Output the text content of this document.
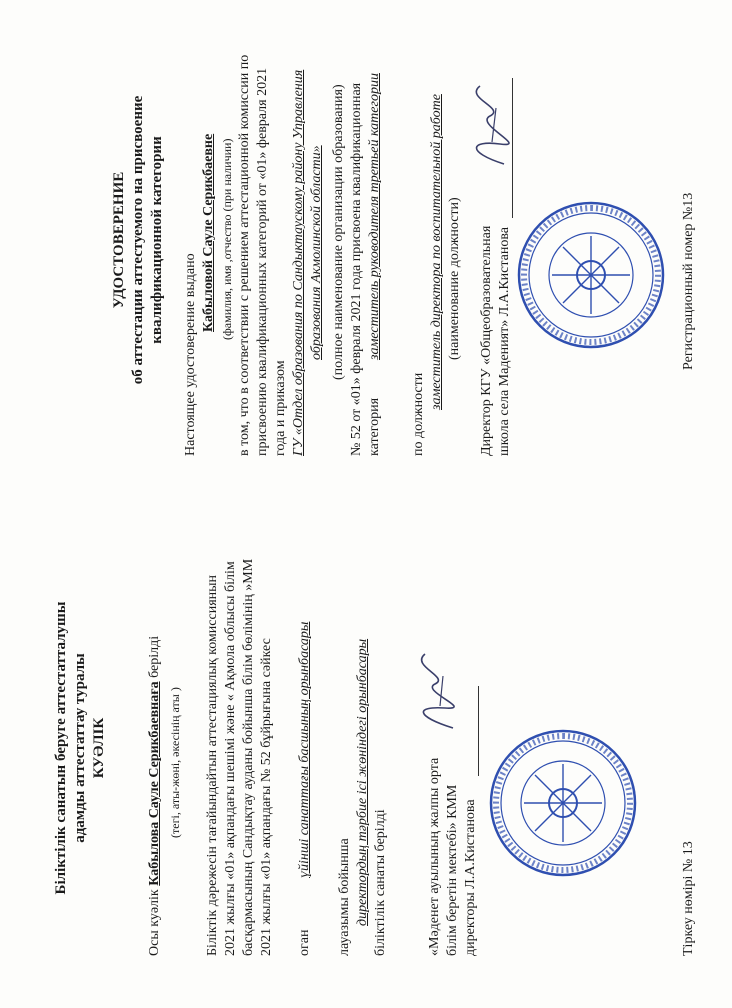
Біліктілік санатын беруге аттестатталушы адамды аттестаттау туралы КУӘЛІК
Осы куәлік Кабылова Сауле Серикбаевнаға берілді
(тегі, аты-жөні, әкесінің аты ) Біліктік дәрежесін тағайындайтын аттестациялық комиссиянын 2021 жылғы «01» ақпандағы шешімі және « Ақмола облысы білім басқармасының Сандықтау ауданы бойынша білім бөлімінің »ММ 2021 жылғы «01» ақпандағы № 52 бұйрығына сәйкес оган
үйінші санаттағы басшының орынбасары
лауазымы бойынша директордың тәрбие ісі жөніндегі орынбасары біліктілік санаты берілді	«Мәденет ауылының жалпы орта білім беретін мектебі» КММ директоры Л.А.Кистанова	Тіркеу нөмірі № 13
УДОСТОВЕРЕНИЕ об аттестации аттестуемого на присвоение квалификационной категории
Настоящее удостоверение выдано
Кабыловой Сауле Серикбаевне (фамилия, имя ,отчество (при наличии) в том, что в соответствии с решением аттестационной комиссии по присвоению квалификационных категорий от «01» февраля 2021 года и приказом ГУ «Отдел образования по Сандыктаускому району Управления образования Акмолинской области» (полное наименование организации образования) № 52 от «01» февраля 2021 года присвоена квалификационная категория
заместитель руководителя третьей категории
по должности
заместитель директора по воспитательной работе (наименование должности) Директор КГУ «Общеобразовательная школа села Маденият» Л.А.Кистанова	Регистрационный номер №13
